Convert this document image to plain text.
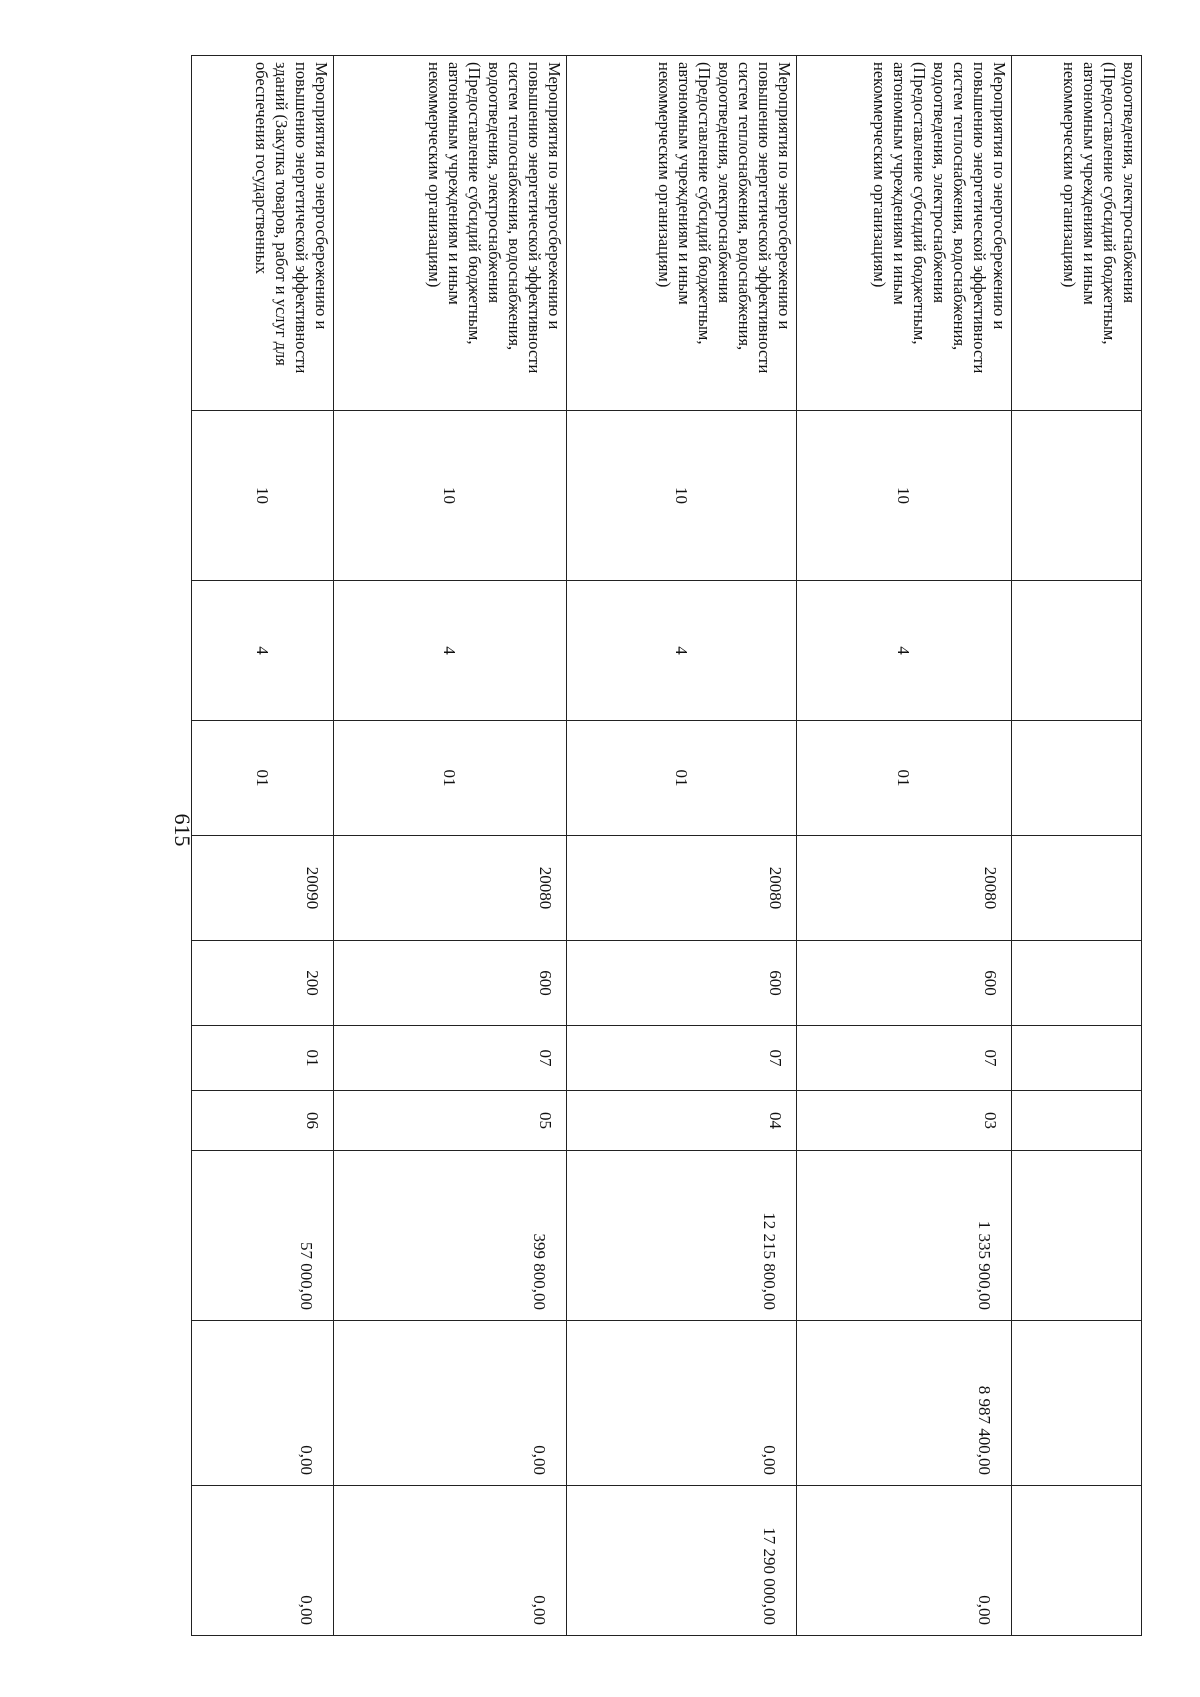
615
водоотведения, электроснабжения (Предоставление субсидий бюджетным, автономным учреждениям и иным некоммерческим организациям)										
Мероприятия по энергосбережению и повышению энергетической эффективности систем теплоснабжения, водоснабжения, водоотведения, электроснабжения (Предоставление субсидий бюджетным, автономным учреждениям и иным некоммерческим организациям)	10	4	01	20080	600	07	03	1 335 900,00	8 987 400,00	0,00
Мероприятия по энергосбережению и повышению энергетической эффективности систем теплоснабжения, водоснабжения, водоотведения, электроснабжения (Предоставление субсидий бюджетным, автономным учреждениям и иным некоммерческим организациям)	10	4	01	20080	600	07	04	12 215 800,00	0,00	17 290 000,00
Мероприятия по энергосбережению и повышению энергетической эффективности систем теплоснабжения, водоснабжения, водоотведения, электроснабжения (Предоставление субсидий бюджетным, автономным учреждениям и иным некоммерческим организациям)	10	4	01	20080	600	07	05	399 800,00	0,00	0,00
Мероприятия по энергосбережению и повышению энергетической эффективности зданий (Закупка товаров, работ и услуг для обеспечения государственных	10	4	01	20090	200	01	06	57 000,00	0,00	0,00
